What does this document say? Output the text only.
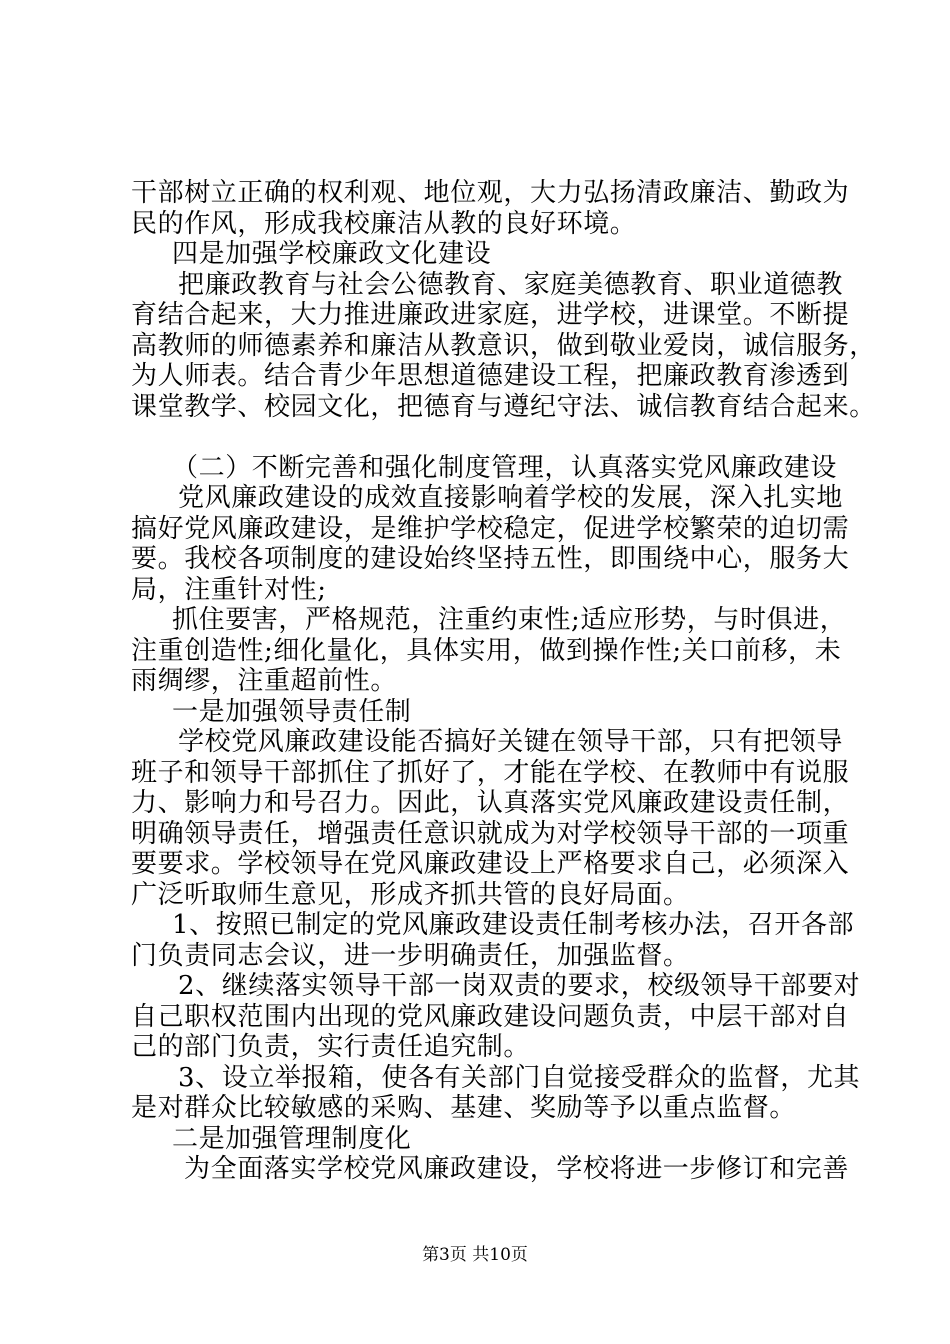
干部树立正确的权利观、地位观，大力弘扬清政廉洁、勤政为
民的作风，形成我校廉洁从教的良好环境。
四是加强学校廉政文化建设
把廉政教育与社会公德教育、家庭美德教育、职业道德教
育结合起来，大力推进廉政进家庭，进学校，进课堂。不断提
高教师的师德素养和廉洁从教意识，做到敬业爱岗，诚信服务，
为人师表。结合青少年思想道德建设工程，把廉政教育渗透到
课堂教学、校园文化，把德育与遵纪守法、诚信教育结合起来。
（二）不断完善和强化制度管理，认真落实党风廉政建设
党风廉政建设的成效直接影响着学校的发展，深入扎实地
搞好党风廉政建设，是维护学校稳定，促进学校繁荣的迫切需
要。我校各项制度的建设始终坚持五性，即围绕中心，服务大
局，注重针对性;
抓住要害，严格规范，注重约束性;适应形势，与时俱进，
注重创造性;细化量化，具体实用，做到操作性;关口前移，未
雨绸缪，注重超前性。
一是加强领导责任制
学校党风廉政建设能否搞好关键在领导干部，只有把领导
班子和领导干部抓住了抓好了，才能在学校、在教师中有说服
力、影响力和号召力。因此，认真落实党风廉政建设责任制，
明确领导责任，增强责任意识就成为对学校领导干部的一项重
要要求。学校领导在党风廉政建设上严格要求自己，必须深入
广泛听取师生意见，形成齐抓共管的良好局面。
1、按照已制定的党风廉政建设责任制考核办法，召开各部
门负责同志会议，进一步明确责任，加强监督。
2、继续落实领导干部一岗双责的要求，校级领导干部要对
自己职权范围内出现的党风廉政建设问题负责，中层干部对自
己的部门负责，实行责任追究制。
3、设立举报箱，使各有关部门自觉接受群众的监督，尤其
是对群众比较敏感的采购、基建、奖励等予以重点监督。
二是加强管理制度化
为全面落实学校党风廉政建设，学校将进一步修订和完善
第3页 共10页
